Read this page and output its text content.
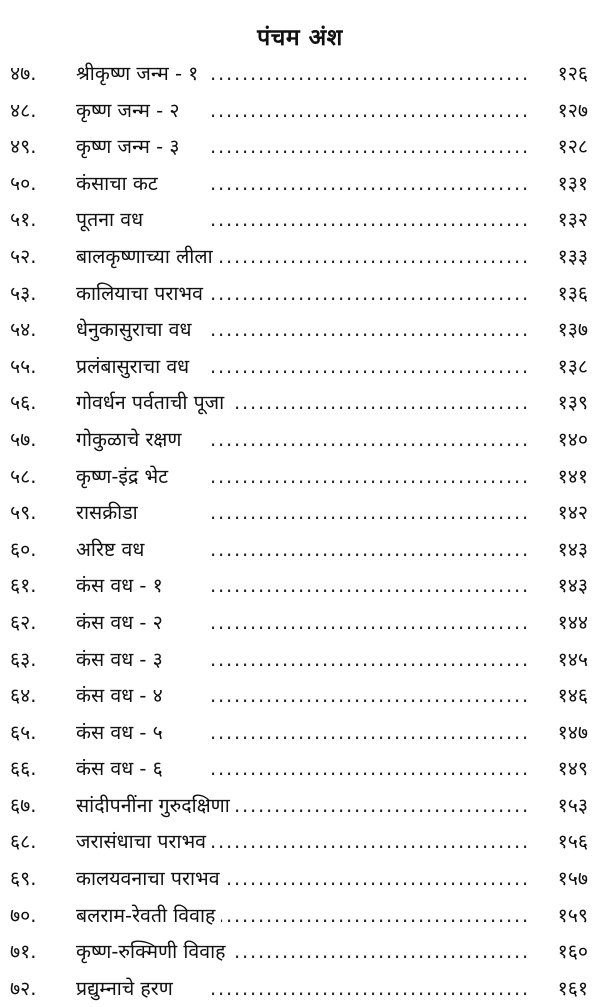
पंचम अंश
४७. .....	श्रीकृष्ण जन्म - १	१२६
४८. .....	कृष्ण जन्म - २	१२७
४९. .....	कृष्ण जन्म - ३	१२८
५०. .....	कंसाचा कट	१३१
५१. .....	पूतना वध	१३२
५२. .....	बालकृष्णाच्या लीला	१३३
५३. .....	कालियाचा पराभव	१३६
५४. .....	धेनुकासुराचा वध	१३७
५५. .....	प्रलंबासुराचा वध	१३८
५६. .....	गोवर्धन पर्वताची पूजा	१३९
५७. .....	गोकुळाचे रक्षण	१४०
५८. .....	कृष्ण-इंद्र भेट	१४१
५९. .....	रासक्रीडा	१४२
६०. .....	अरिष्ट वध	१४३
६१. .....	कंस वध - १	१४३
६२. .....	कंस वध - २	१४४
६३. .....	कंस वध - ३	१४५
६४. .....	कंस वध - ४	१४६
६५. .....	कंस वध - ५	१४७
६६. .....	कंस वध - ६	१४९
६७. .....	सांदीपनींना गुरुदक्षिणा	१५३
६८. .....	जरासंधाचा पराभव	१५६
६९. .....	कालयवनाचा पराभव	१५७
७०. .....	बलराम-रेवती विवाह	१५९
७१. .....	कृष्ण-रुक्मिणी विवाह	१६०
७२. .....	प्रद्युम्नाचे हरण	१६१
